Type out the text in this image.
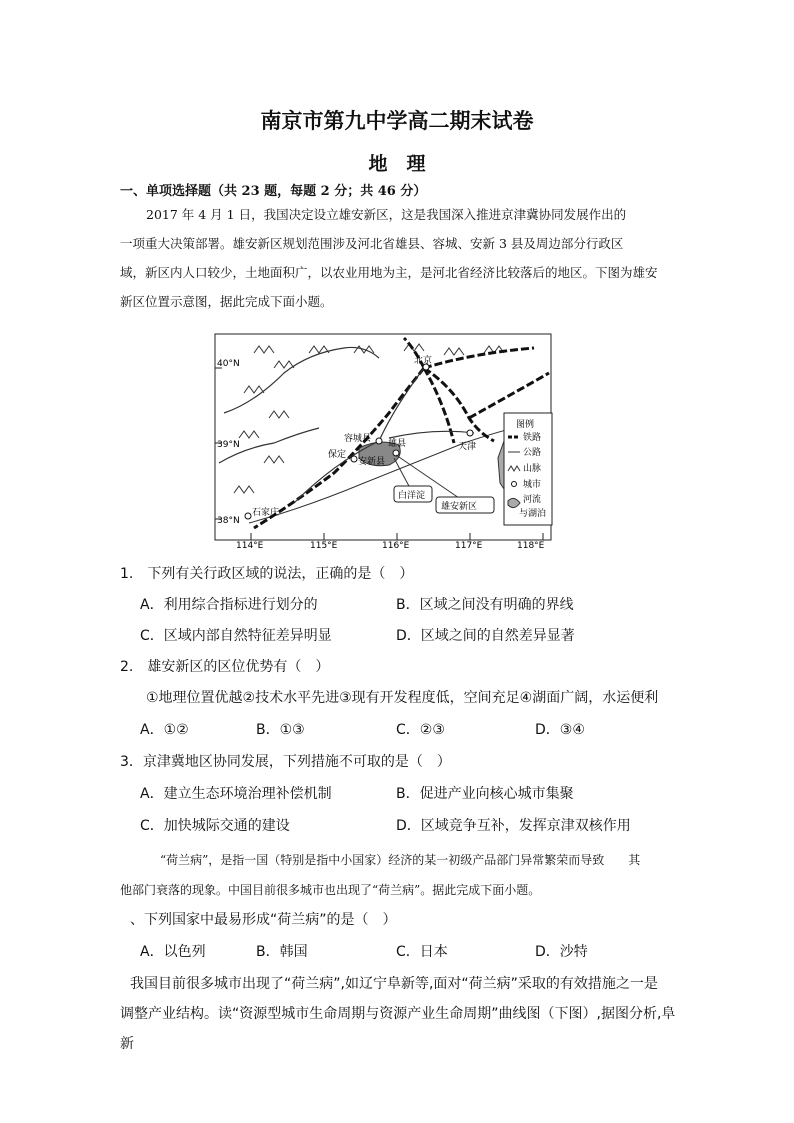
南京市第九中学高二期末试卷
地　理
一、单项选择题（共 23 题，每题 2 分；共 46 分）
2017 年 4 月 1 日，我国决定设立雄安新区，这是我国深入推进京津冀协同发展作出的
一项重大决策部署。雄安新区规划范围涉及河北省雄县、容城、安新 3 县及周边部分行政区
域，新区内人口较少，土地面积广，以农业用地为主，是河北省经济比较落后的地区。下图为雄安
新区位置示意图，据此完成下面小题。
40°N
39°N
38°N
114°E	115°E	116°E	117°E	118°E
北京
天津
容城县 雄县
保定
安新县
石家庄
白洋淀
雄安新区
图例
铁路
公路
山脉
城市
河流
与湖泊
1.　下列有关行政区域的说法，正确的是（　）
A．利用综合指标进行划分的	B．区域之间没有明确的界线
C．区域内部自然特征差异明显	D．区域之间的自然差异显著
2.　雄安新区的区位优势有（　）
①地理位置优越②技术水平先进③现有开发程度低，空间充足④湖面广阔，水运便利
A．①②	B．①③	C．②③	D．③④
3．京津冀地区协同发展，下列措施不可取的是（　）
A．建立生态环境治理补偿机制	B．促进产业向核心城市集聚
C．加快城际交通的建设	D．区域竞争互补，发挥京津双核作用
“荷兰病”，是指一国（特别是指中小国家）经济的某一初级产品部门异常繁荣而导致　　其
他部门衰落的现象。中国目前很多城市也出现了“荷兰病”。据此完成下面小题。
、下列国家中最易形成“荷兰病”的是（　）
A．以色列	B．韩国	C．日本	D．沙特
我国目前很多城市出现了“荷兰病”,如辽宁阜新等,面对“荷兰病”采取的有效措施之一是
调整产业结构。读“资源型城市生命周期与资源产业生命周期”曲线图（下图）,据图分析,阜
新
